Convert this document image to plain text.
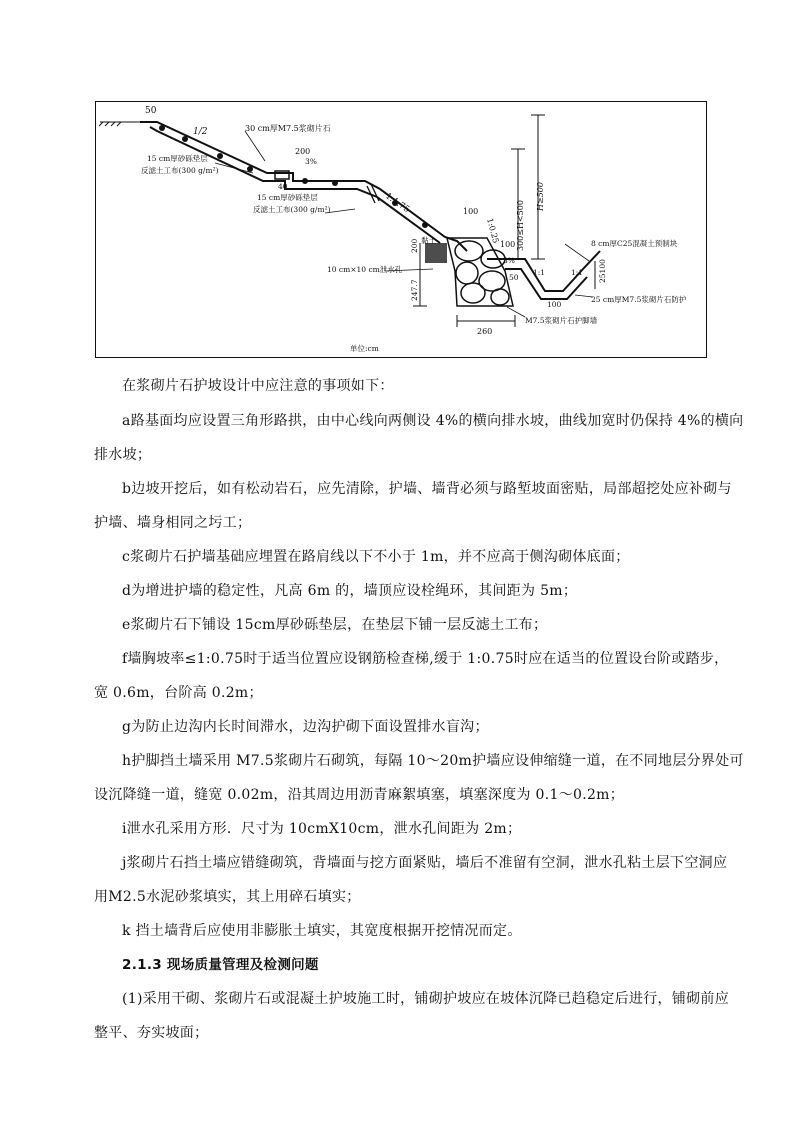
50
1/2	30 cm厚M7.5浆砌片石
15 cm厚砂砾垫层
反滤土工布(300 g/m²)
200
3%
40
15 cm厚砂砾垫层
反滤土工布(300 g/m²)	1:1.75	300≤H<500
H≥500
100
1:0.25
100
黏土
200
10 cm×10 cm泄水孔
247.7
3%
50
1:1	1:1
8 cm厚C25混凝土预制块
25100
100
25 cm厚M7.5浆砌片石防护
260
M7.5浆砌片石护脚墙
单位:cm

在浆砌片石护坡设计中应注意的事项如下：

a路基面均应设置三角形路拱，由中心线向两侧设 4%的横向排水坡，曲线加宽时仍保持 4%的横向

排水坡；

b边坡开挖后，如有松动岩石，应先清除，护墙、墙背必须与路堑坡面密贴，局部超挖处应补砌与

护墙、墙身相同之圬工；

c浆砌片石护墙基础应埋置在路肩线以下不小于 1m，并不应高于侧沟砌体底面；

d为增进护墙的稳定性，凡高 6m 的，墙顶应设栓绳环，其间距为 5m；

e浆砌片石下铺设 15cm厚砂砾垫层，在垫层下铺一层反滤土工布；

f墙胸坡率≤1:0.75时于适当位置应设钢筋检查梯,缓于 1:0.75时应在适当的位置设台阶或踏步，

宽 0.6m，台阶高 0.2m；

g为防止边沟内长时间滞水，边沟护砌下面设置排水盲沟；

h护脚挡土墙采用 M7.5浆砌片石砌筑，每隔 10～20m护墙应设伸缩缝一道，在不同地层分界处可

设沉降缝一道，缝宽 0.02m，沿其周边用沥青麻絮填塞，填塞深度为 0.1～0.2m；

i泄水孔采用方形．尺寸为 10cmX10cm，泄水孔间距为 2m；

j浆砌片石挡土墙应错缝砌筑，背墙面与挖方面紧贴，墙后不准留有空洞，泄水孔粘土层下空洞应

用M2.5水泥砂浆填实，其上用碎石填实；

k 挡土墙背后应使用非膨胀土填实，其宽度根据开挖情况而定。

2.1.3 现场质量管理及检测问题

(1)采用干砌、浆砌片石或混凝土护坡施工时，铺砌护坡应在坡体沉降已趋稳定后进行，铺砌前应

整平、夯实坡面；
